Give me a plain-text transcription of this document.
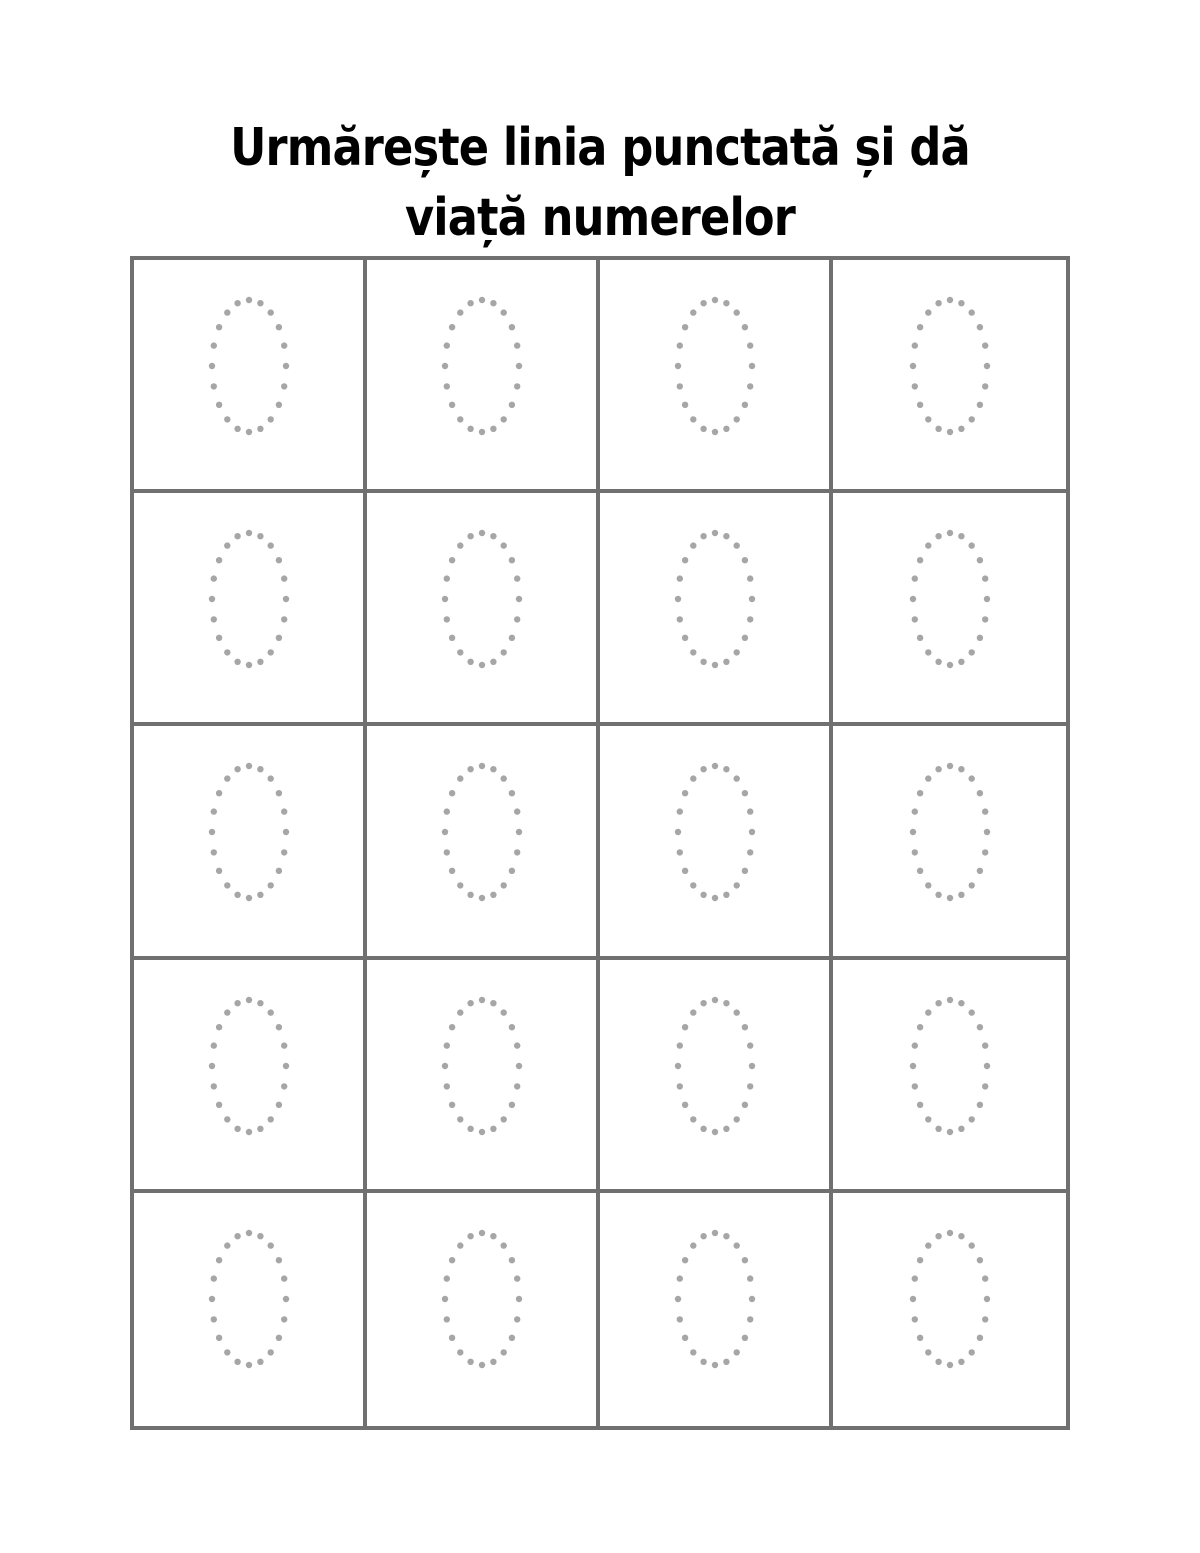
Urmărește linia punctată și dă
viață numerelor
